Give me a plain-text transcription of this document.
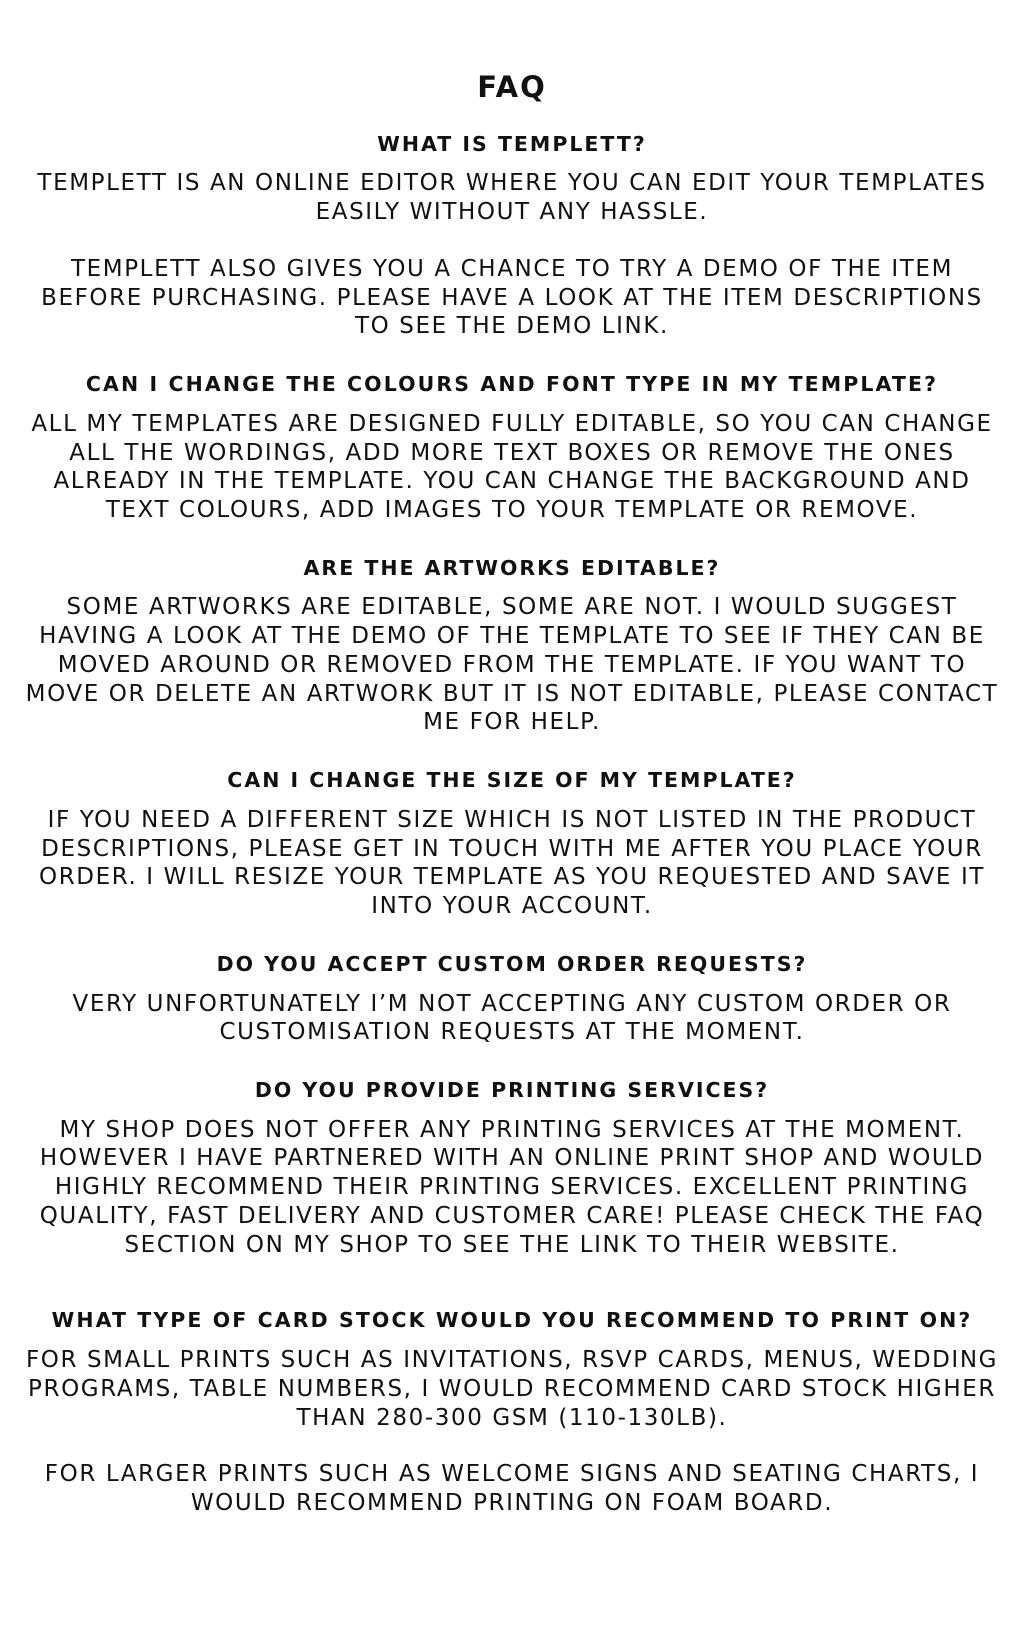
FAQ
WHAT IS TEMPLETT?

TEMPLETT IS AN ONLINE EDITOR WHERE YOU CAN EDIT YOUR TEMPLATES EASILY WITHOUT ANY HASSLE.

TEMPLETT ALSO GIVES YOU A CHANCE TO TRY A DEMO OF THE ITEM BEFORE PURCHASING. PLEASE HAVE A LOOK AT THE ITEM DESCRIPTIONS TO SEE THE DEMO LINK.

CAN I CHANGE THE COLOURS AND FONT TYPE IN MY TEMPLATE?

ALL MY TEMPLATES ARE DESIGNED FULLY EDITABLE, SO YOU CAN CHANGE ALL THE WORDINGS, ADD MORE TEXT BOXES OR REMOVE THE ONES ALREADY IN THE TEMPLATE. YOU CAN CHANGE THE BACKGROUND AND TEXT COLOURS, ADD IMAGES TO YOUR TEMPLATE OR REMOVE.

ARE THE ARTWORKS EDITABLE?

SOME ARTWORKS ARE EDITABLE, SOME ARE NOT. I WOULD SUGGEST HAVING A LOOK AT THE DEMO OF THE TEMPLATE TO SEE IF THEY CAN BE MOVED AROUND OR REMOVED FROM THE TEMPLATE. IF YOU WANT TO MOVE OR DELETE AN ARTWORK BUT IT IS NOT EDITABLE, PLEASE CONTACT ME FOR HELP.

CAN I CHANGE THE SIZE OF MY TEMPLATE?

IF YOU NEED A DIFFERENT SIZE WHICH IS NOT LISTED IN THE PRODUCT DESCRIPTIONS, PLEASE GET IN TOUCH WITH ME AFTER YOU PLACE YOUR ORDER. I WILL RESIZE YOUR TEMPLATE AS YOU REQUESTED AND SAVE IT INTO YOUR ACCOUNT.

DO YOU ACCEPT CUSTOM ORDER REQUESTS?

VERY UNFORTUNATELY I’M NOT ACCEPTING ANY CUSTOM ORDER OR CUSTOMISATION REQUESTS AT THE MOMENT.

DO YOU PROVIDE PRINTING SERVICES?

MY SHOP DOES NOT OFFER ANY PRINTING SERVICES AT THE MOMENT. HOWEVER I HAVE PARTNERED WITH AN ONLINE PRINT SHOP AND WOULD HIGHLY RECOMMEND THEIR PRINTING SERVICES. EXCELLENT PRINTING QUALITY, FAST DELIVERY AND CUSTOMER CARE! PLEASE CHECK THE FAQ SECTION ON MY SHOP TO SEE THE LINK TO THEIR WEBSITE.

WHAT TYPE OF CARD STOCK WOULD YOU RECOMMEND TO PRINT ON?

FOR SMALL PRINTS SUCH AS INVITATIONS, RSVP CARDS, MENUS, WEDDING PROGRAMS, TABLE NUMBERS, I WOULD RECOMMEND CARD STOCK HIGHER THAN 280-300 GSM (110-130LB).

FOR LARGER PRINTS SUCH AS WELCOME SIGNS AND SEATING CHARTS, I WOULD RECOMMEND PRINTING ON FOAM BOARD.
